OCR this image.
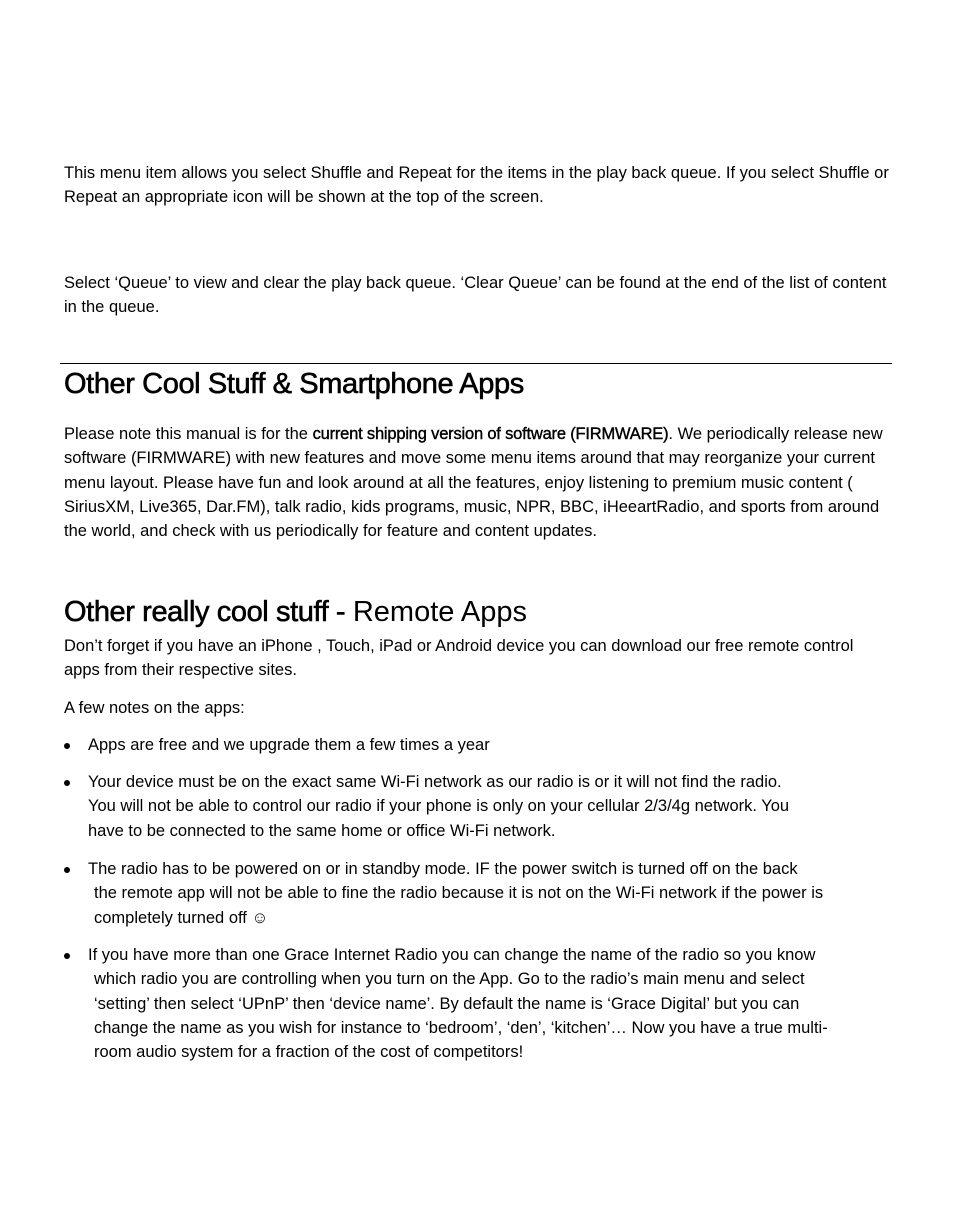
This menu item allows you select Shuffle and Repeat for the items in the play back queue. If you select Shuffle or Repeat an appropriate icon will be shown at the top of the screen.

Select ‘Queue’ to view and clear the play back queue. ‘Clear Queue’ can be found at the end of the list of content in the queue.

Other Cool Stuff & Smartphone Apps

Please note this manual is for the current shipping version of software (FIRMWARE). We periodically release new software (FIRMWARE) with new features and move some menu items around that may reorganize your current menu layout. Please have fun and look around at all the features, enjoy listening to premium music content ( SiriusXM, Live365, Dar.FM), talk radio, kids programs, music, NPR, BBC, iHeeartRadio, and sports from around the world, and check with us periodically for feature and content updates.

Other really cool stuff - Remote Apps

Don’t forget if you have an iPhone , Touch, iPad or Android device you can download our free remote control apps from their respective sites.

A few notes on the apps:

Apps are free and we upgrade them a few times a year
Your device must be on the exact same Wi-Fi network as our radio is or it will not find the radio.
You will not be able to control our radio if your phone is only on your cellular 2/3/4g network. You
have to be connected to the same home or office Wi-Fi network.
The radio has to be powered on or in standby mode. IF the power switch is turned off on the back
the remote app will not be able to fine the radio because it is not on the Wi-Fi network if the power is
completely turned off ☺
If you have more than one Grace Internet Radio you can change the name of the radio so you know
which radio you are controlling when you turn on the App. Go to the radio’s main menu and select
‘setting’ then select ‘UPnP’ then ‘device name’. By default the name is ‘Grace Digital’ but you can
change the name as you wish for instance to ‘bedroom’, ‘den’, ‘kitchen’… Now you have a true multi-
room audio system for a fraction of the cost of competitors!
